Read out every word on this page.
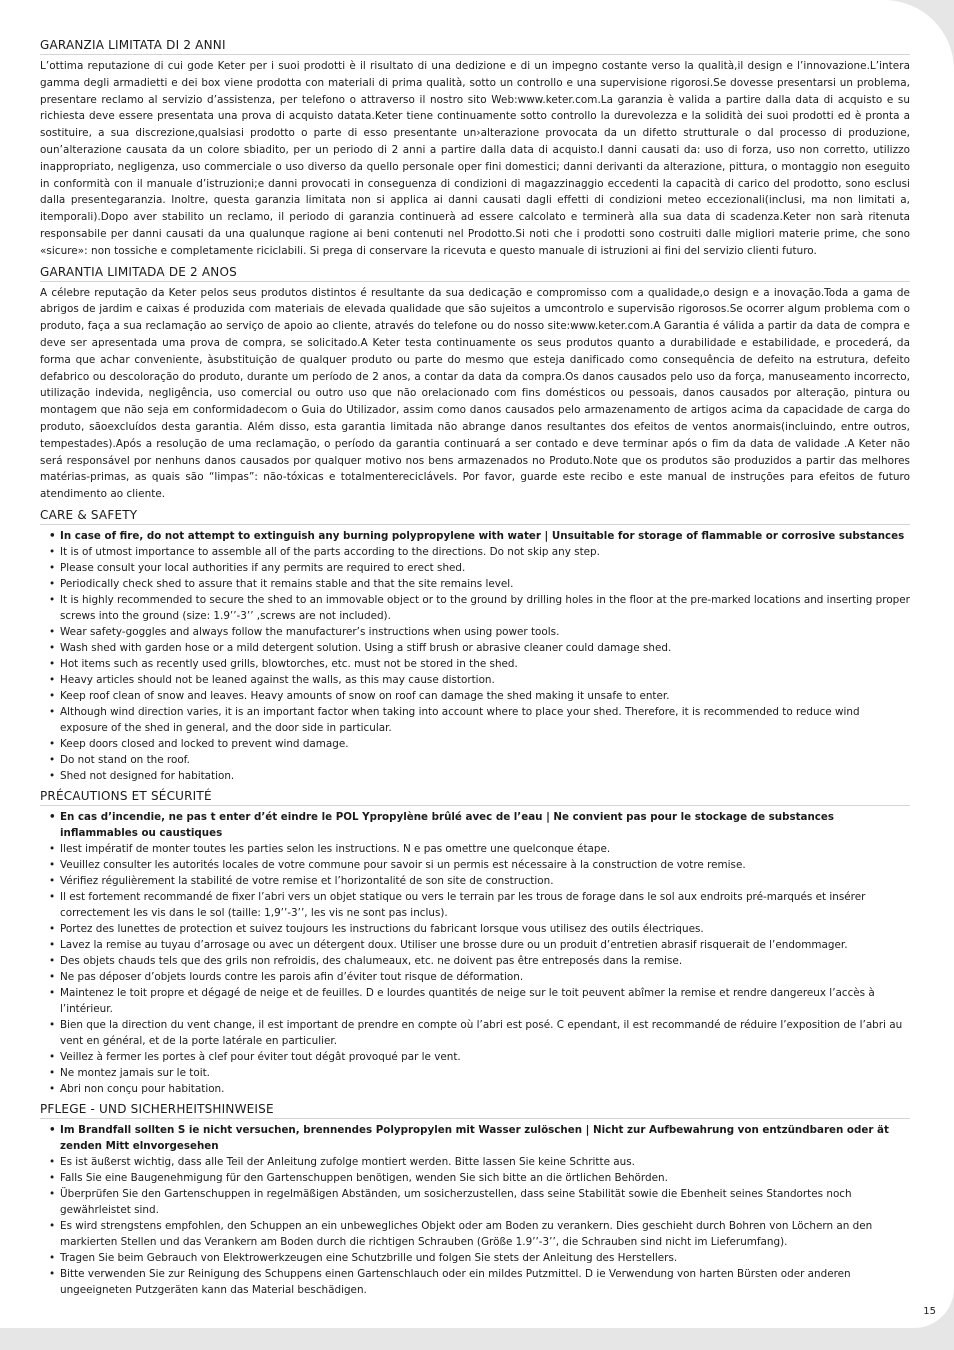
GARANZIA LIMITATA DI 2 ANNI

L’ottima reputazione di cui gode Keter per i suoi prodotti è il risultato di una dedizione e di un impegno costante verso la qualità,il design e l’innovazione.L’intera gamma degli armadietti e dei box viene prodotta con materiali di prima qualità, sotto un controllo e una supervisione rigorosi.Se dovesse presentarsi un problema, presentare reclamo al servizio d’assistenza, per telefono o attraverso il nostro sito Web:www.keter.com.La garanzia è valida a partire dalla data di acquisto e su richiesta deve essere presentata una prova di acquisto datata.Keter tiene continuamente sotto controllo la durevolezza e la solidità dei suoi prodotti ed è pronta a sostituire, a sua discrezione,qualsiasi prodotto o parte di esso presentante un›alterazione provocata da un difetto strutturale o dal processo di produzione, oun’alterazione causata da un colore sbiadito, per un periodo di 2 anni a partire dalla data di acquisto.I danni causati da: uso di forza, uso non corretto, utilizzo inappropriato, negligenza, uso commerciale o uso diverso da quello personale oper fini domestici; danni derivanti da alterazione, pittura, o montaggio non eseguito in conformità con il manuale d’istruzioni;e danni provocati in conseguenza di condizioni di magazzinaggio eccedenti la capacità di carico del prodotto, sono esclusi dalla presentegaranzia. Inoltre, questa garanzia limitata non si applica ai danni causati dagli effetti di condizioni meteo eccezionali(inclusi, ma non limitati a, itemporali).Dopo aver stabilito un reclamo, il periodo di garanzia continuerà ad essere calcolato e terminerà alla sua data di scadenza.Keter non sarà ritenuta responsabile per danni causati da una qualunque ragione ai beni contenuti nel Prodotto.Si noti che i prodotti sono costruiti dalle migliori materie prime, che sono «sicure»: non tossiche e completamente riciclabili. Si prega di conservare la ricevuta e questo manuale di istruzioni ai fini del servizio clienti futuro.

GARANTIA LIMITADA DE 2 ANOS

A célebre reputação da Keter pelos seus produtos distintos é resultante da sua dedicação e compromisso com a qualidade,o design e a inovação.Toda a gama de abrigos de jardim e caixas é produzida com materiais de elevada qualidade que são sujeitos a umcontrolo e supervisão rigorosos.Se ocorrer algum problema com o produto, faça a sua reclamação ao serviço de apoio ao cliente, através do telefone ou do nosso site:www.keter.com.A Garantia é válida a partir da data de compra e deve ser apresentada uma prova de compra, se solicitado.A Keter testa continuamente os seus produtos quanto a durabilidade e estabilidade, e procederá, da forma que achar conveniente, àsubstituição de qualquer produto ou parte do mesmo que esteja danificado como consequência de defeito na estrutura, defeito defabrico ou descoloração do produto, durante um período de 2 anos, a contar da data da compra.Os danos causados pelo uso da força, manuseamento incorrecto, utilização indevida, negligência, uso comercial ou outro uso que não orelacionado com fins domésticos ou pessoais, danos causados por alteração, pintura ou montagem que não seja em conformidadecom o Guia do Utilizador, assim como danos causados pelo armazenamento de artigos acima da capacidade de carga do produto, sãoexcluídos desta garantia. Além disso, esta garantia limitada não abrange danos resultantes dos efeitos de ventos anormais(incluindo, entre outros, tempestades).Após a resolução de uma reclamação, o período da garantia continuará a ser contado e deve terminar após o fim da data de validade .A Keter não será responsável por nenhuns danos causados por qualquer motivo nos bens armazenados no Produto.Note que os produtos são produzidos a partir das melhores matérias-primas, as quais são “limpas”: não-tóxicas e totalmentereciclávels. Por favor, guarde este recibo e este manual de instruções para efeitos de futuro atendimento ao cliente.

CARE & SAFETY
• In case of fire, do not attempt to extinguish any burning polypropylene with water | Unsuitable for storage of flammable or corrosive substances
• It is of utmost importance to assemble all of the parts according to the directions. Do not skip any step.
• Please consult your local authorities if any permits are required to erect shed.
• Periodically check shed to assure that it remains stable and that the site remains level.
• It is highly recommended to secure the shed to an immovable object or to the ground by drilling holes in the floor at the pre-marked locations and inserting proper screws into the ground (size: 1.9’’-3’’ ,screws are not included).
• Wear safety-goggles and always follow the manufacturer’s instructions when using power tools.
• Wash shed with garden hose or a mild detergent solution. Using a stiff brush or abrasive cleaner could damage shed.
• Hot items such as recently used grills, blowtorches, etc. must not be stored in the shed.
• Heavy articles should not be leaned against the walls, as this may cause distortion.
• Keep roof clean of snow and leaves. Heavy amounts of snow on roof can damage the shed making it unsafe to enter.
• Although wind direction varies, it is an important factor when taking into account where to place your shed. Therefore, it is recommended to reduce wind exposure of the shed in general, and the door side in particular.
• Keep doors closed and locked to prevent wind damage.
• Do not stand on the roof.
• Shed not designed for habitation.
PRÉCAUTIONS ET SÉCURITÉ
• En cas d’incendie, ne pas t enter d’ét eindre le POL Ypropylène brûlé avec de l’eau | Ne convient pas pour le stockage de substances inflammables ou caustiques
• Ilest impératif de monter toutes les parties selon les instructions. N e pas omettre une quelconque étape.
• Veuillez consulter les autorités locales de votre commune pour savoir si un permis est nécessaire à la construction de votre remise.
• Vérifiez régulièrement la stabilité de votre remise et l’horizontalité de son site de construction.
• Il est fortement recommandé de fixer l’abri vers un objet statique ou vers le terrain par les trous de forage dans le sol aux endroits pré-marqués et insérer correctement les vis dans le sol (taille: 1,9’’-3’’, les vis ne sont pas inclus).
• Portez des lunettes de protection et suivez toujours les instructions du fabricant lorsque vous utilisez des outils électriques.
• Lavez la remise au tuyau d’arrosage ou avec un détergent doux. Utiliser une brosse dure ou un produit d’entretien abrasif risquerait de l’endommager.
• Des objets chauds tels que des grils non refroidis, des chalumeaux, etc. ne doivent pas être entreposés dans la remise.
• Ne pas déposer d’objets lourds contre les parois afin d’éviter tout risque de déformation.
• Maintenez le toit propre et dégagé de neige et de feuilles. D e lourdes quantités de neige sur le toit peuvent abîmer la remise et rendre dangereux l’accès à l’intérieur.
• Bien que la direction du vent change, il est important de prendre en compte où l’abri est posé. C ependant, il est recommandé de réduire l’exposition de l’abri au vent en général, et de la porte latérale en particulier.
• Veillez à fermer les portes à clef pour éviter tout dégât provoqué par le vent.
• Ne montez jamais sur le toit.
• Abri non conçu pour habitation.
PFLEGE - UND SICHERHEITSHINWEISE
• Im Brandfall sollten S ie nicht versuchen, brennendes Polypropylen mit Wasser zulöschen | Nicht zur Aufbewahrung von entzündbaren oder ät zenden Mitt elnvorgesehen
• Es ist äußerst wichtig, dass alle Teil der Anleitung zufolge montiert werden. Bitte lassen Sie keine Schritte aus.
• Falls Sie eine Baugenehmigung für den Gartenschuppen benötigen, wenden Sie sich bitte an die örtlichen Behörden.
• Überprüfen Sie den Gartenschuppen in regelmäßigen Abständen, um sosicherzustellen, dass seine Stabilität sowie die Ebenheit seines Standortes noch gewährleistet sind.
• Es wird strengstens empfohlen, den Schuppen an ein unbewegliches Objekt oder am Boden zu verankern. Dies geschieht durch Bohren von Löchern an den markierten Stellen und das Verankern am Boden durch die richtigen Schrauben (Größe 1.9’’-3’’, die Schrauben sind nicht im Lieferumfang).
• Tragen Sie beim Gebrauch von Elektrowerkzeugen eine Schutzbrille und folgen Sie stets der Anleitung des Herstellers.
• Bitte verwenden Sie zur Reinigung des Schuppens einen Gartenschlauch oder ein mildes Putzmittel. D ie Verwendung von harten Bürsten oder anderen ungeeigneten Putzgeräten kann das Material beschädigen.
15
